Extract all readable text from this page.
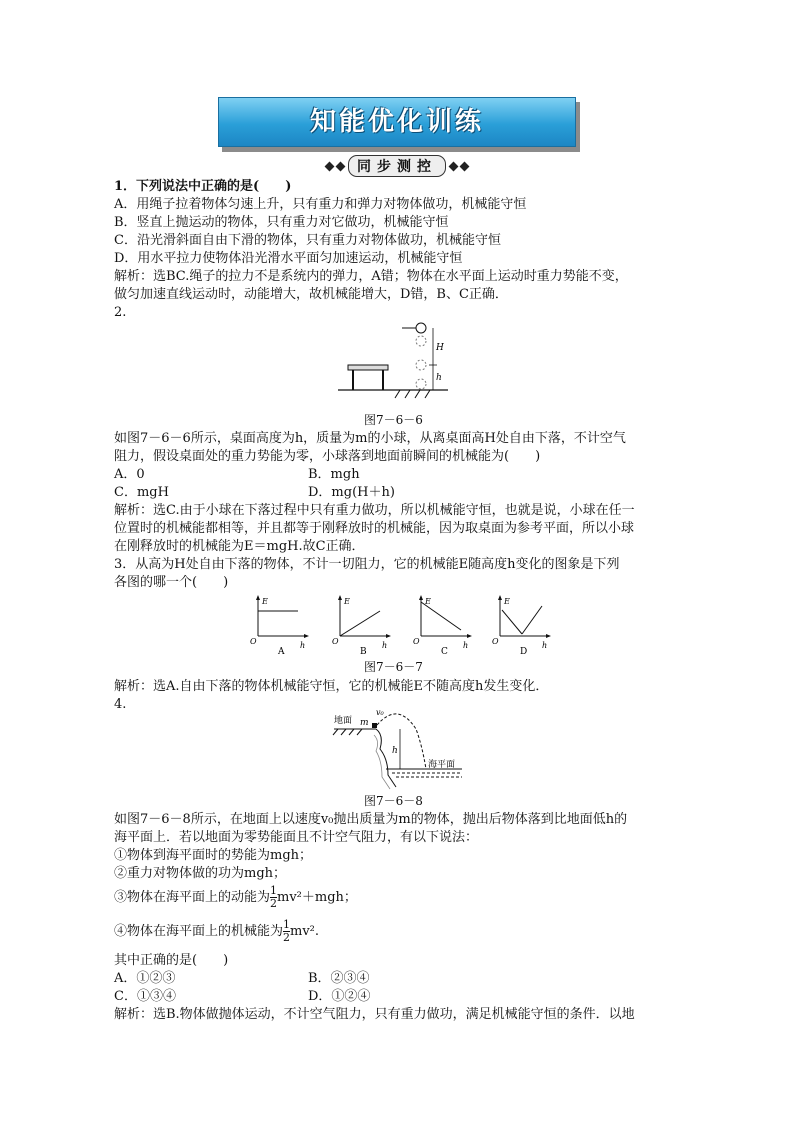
知能优化训练
同步测控
1．下列说法中正确的是(　　)
A．用绳子拉着物体匀速上升，只有重力和弹力对物体做功，机械能守恒
B．竖直上抛运动的物体，只有重力对它做功，机械能守恒
C．沿光滑斜面自由下滑的物体，只有重力对物体做功，机械能守恒
D．用水平拉力使物体沿光滑水平面匀加速运动，机械能守恒
解析：选BC.绳子的拉力不是系统内的弹力，A错；物体在水平面上运动时重力势能不变，
做匀加速直线运动时，动能增大，故机械能增大，D错，B、C正确．
2.
H
h
图7－6－6
如图7－6－6所示，桌面高度为h，质量为m的小球，从离桌面高H处自由下落，不计空气
阻力，假设桌面处的重力势能为零，小球落到地面前瞬间的机械能为(　　)
A．0	B．mgh
C．mgH	D．mg(H＋h)
解析：选C.由于小球在下落过程中只有重力做功，所以机械能守恒，也就是说，小球在任一
位置时的机械能都相等，并且都等于刚释放时的机械能，因为取桌面为参考平面，所以小球
在刚释放时的机械能为E＝mgH.故C正确．
3．从高为H处自由下落的物体，不计一切阻力，它的机械能E随高度h变化的图象是下列
各图的哪一个(　　)
E
O	h
A
E
O	h
B
E
O	h
C
E
O	h
D
图7－6－7
解析：选A.自由下落的物体机械能守恒，它的机械能E不随高度h发生变化．
4.
地面 m
v₀
h
海平面
图7－6－8
如图7－6－8所示，在地面上以速度v₀抛出质量为m的物体，抛出后物体落到比地面低h的
海平面上．若以地面为零势能面且不计空气阻力，有以下说法：
①物体到海平面时的势能为mgh；
②重力对物体做的功为mgh；
③物体在海平面上的动能为 $\frac{1}{2} mv^2+mgh$；
④物体在海平面上的机械能为 $\frac{1}{2} mv^2$.
其中正确的是(　　)
A．①②③	B．②③④
C．①③④	D．①②④
解析：选B.物体做抛体运动，不计空气阻力，只有重力做功，满足机械能守恒的条件．以地
